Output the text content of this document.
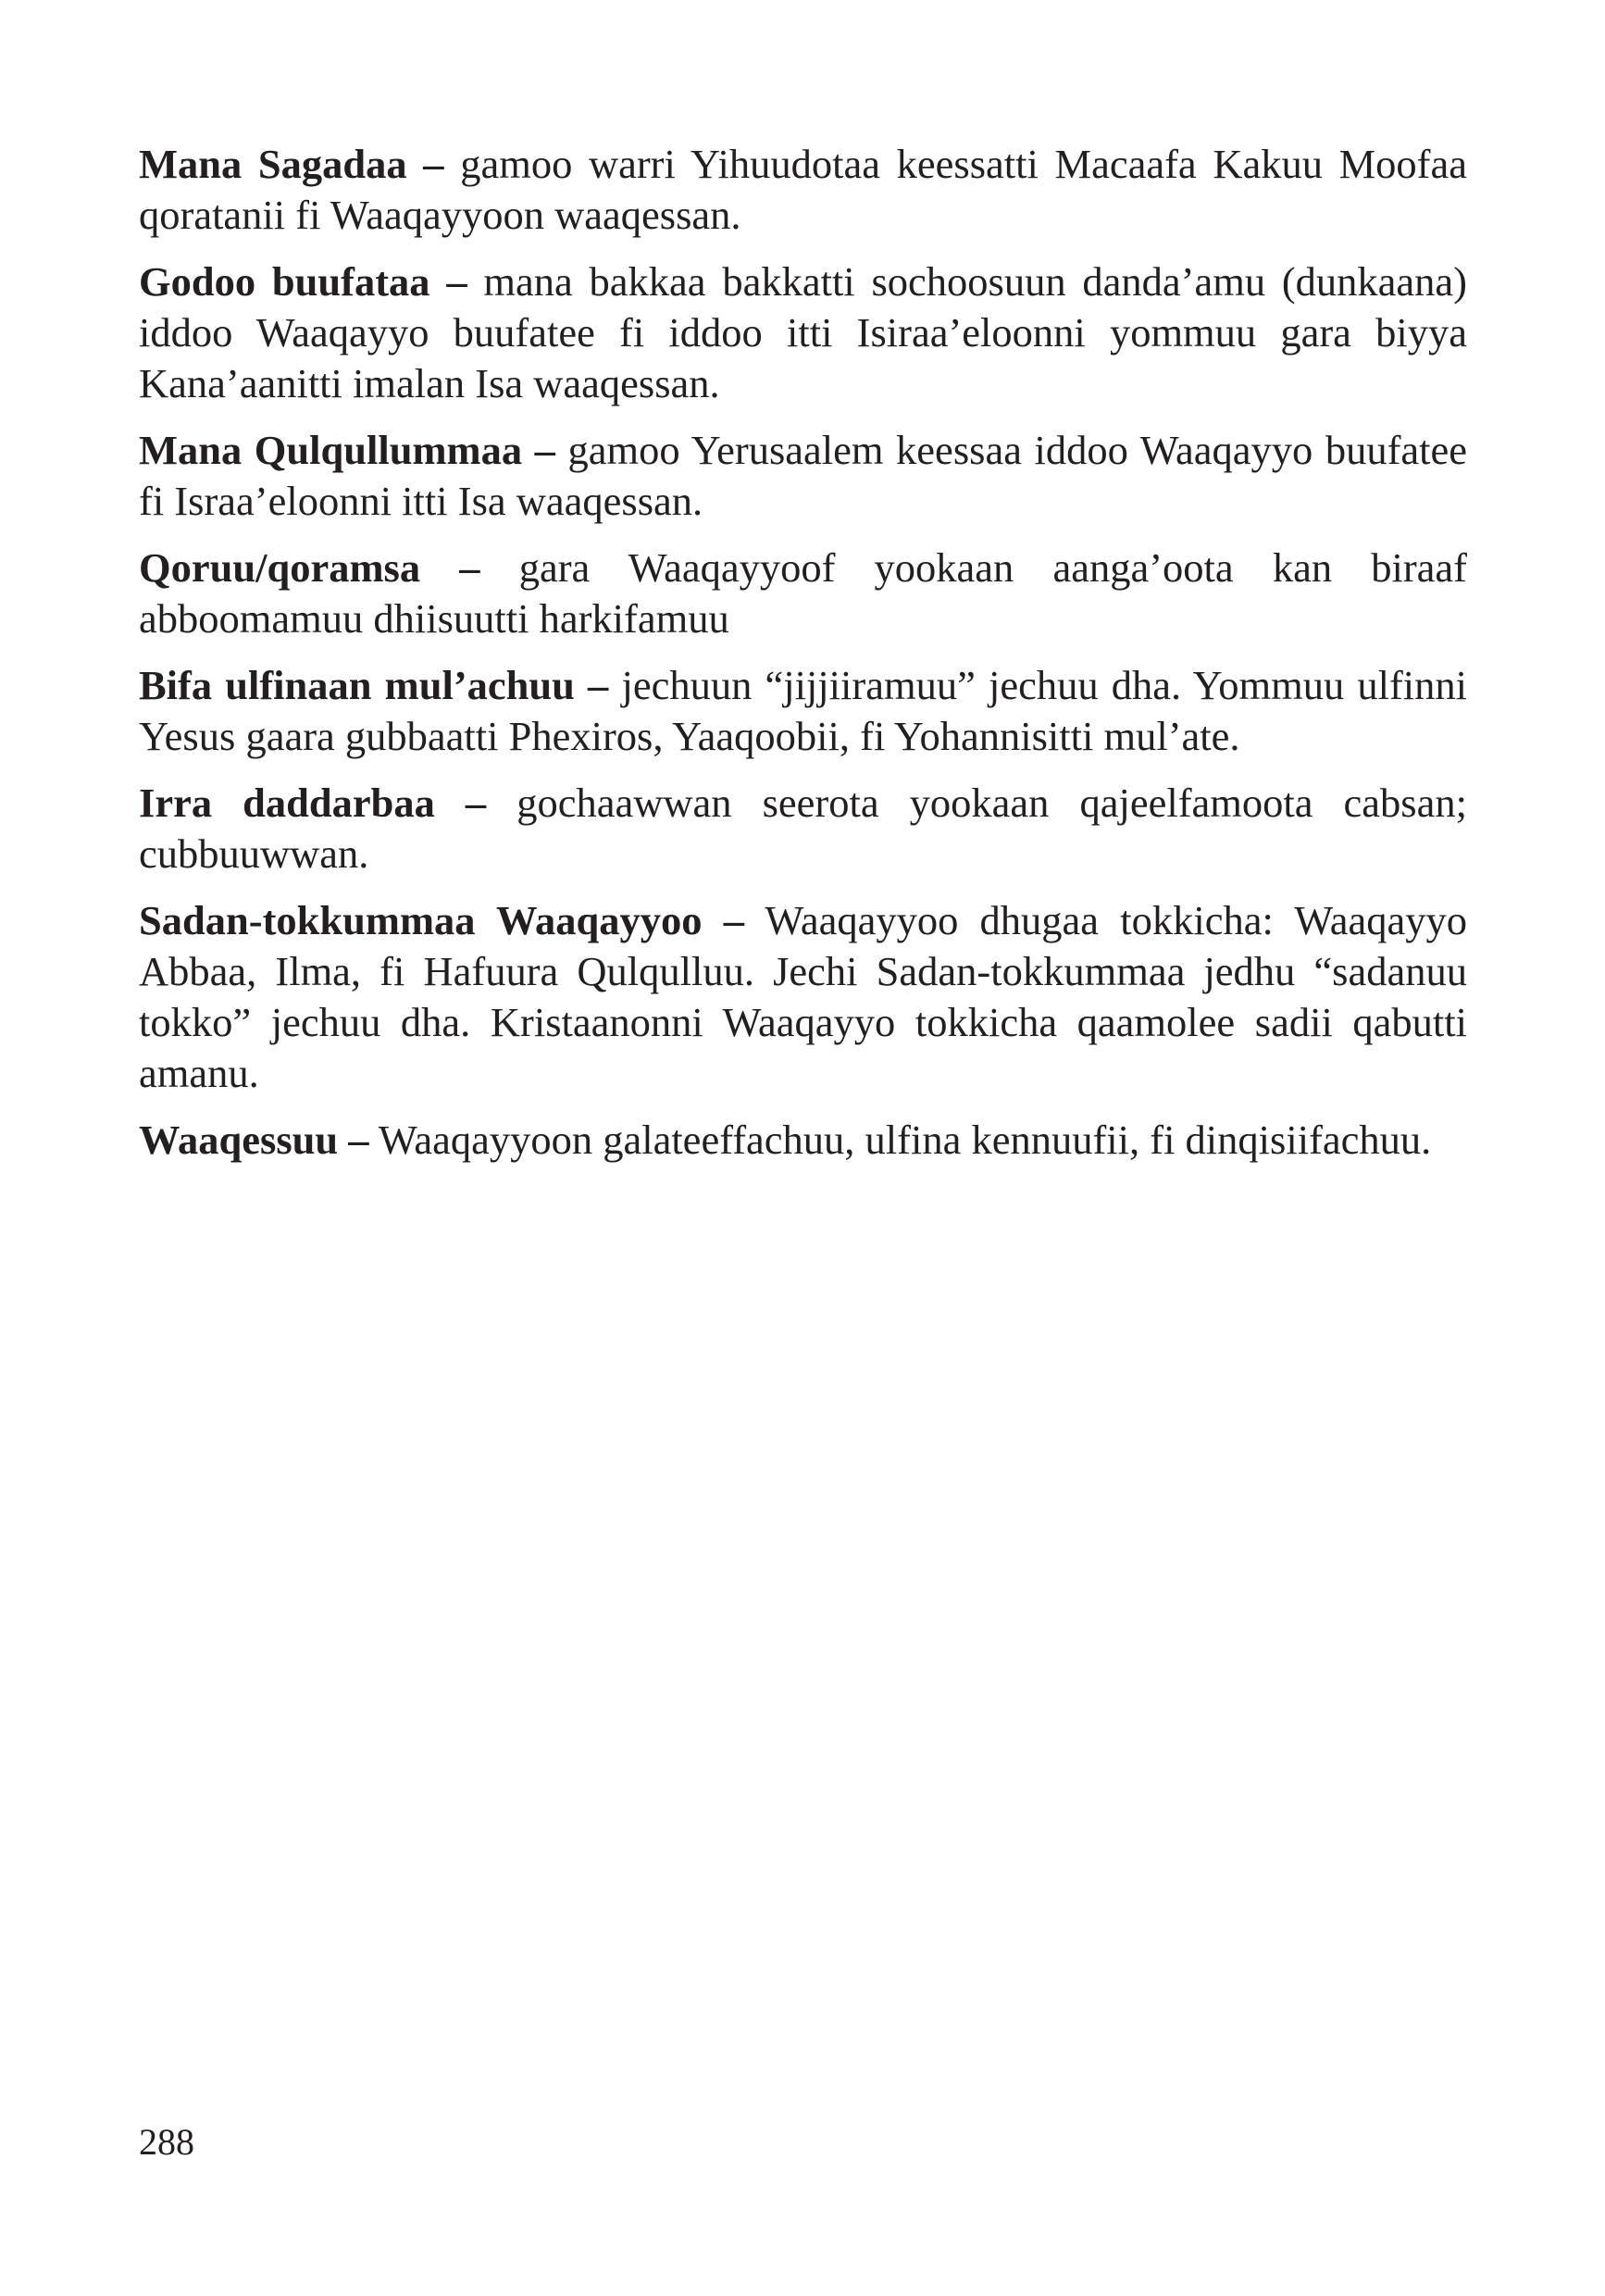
Mana Sagadaa – gamoo warri Yihuudotaa keessatti Macaafa Kakuu Moofaa qoratanii fi Waaqayyoon waaqessan.

Godoo buufataa – mana bakkaa bakkatti sochoosuun danda’amu (dunkaana) iddoo Waaqayyo buufatee fi iddoo itti Isiraa’eloonni yommuu gara biyya Kana’aanitti imalan Isa waaqessan.

Mana Qulqullummaa – gamoo Yerusaalem keessaa iddoo Waaqayyo buufatee fi Israa’eloonni itti Isa waaqessan.

Qoruu/qoramsa – gara Waaqayyoof yookaan aanga’oota kan biraaf abboomamuu dhiisuutti harkifamuu

Bifa ulfinaan mul’achuu – jechuun “jijjiiramuu” jechuu dha. Yommuu ulfinni Yesus gaara gubbaatti Phexiros, Yaaqoobii, fi Yohannisitti mul’ate.

Irra daddarbaa – gochaawwan seerota yookaan qajeelfamoota cabsan; cubbuuwwan.

Sadan-tokkummaa Waaqayyoo – Waaqayyoo dhugaa tokkicha: Waaqayyo Abbaa, Ilma, fi Hafuura Qulqulluu. Jechi Sadan-tokkummaa jedhu “sadanuu tokko” jechuu dha. Kristaanonni Waaqayyo tokkicha qaamolee sadii qabutti amanu.

Waaqessuu – Waaqayyoon galateeffachuu, ulfina kennuufii, fi dinqisiifachuu.

288
